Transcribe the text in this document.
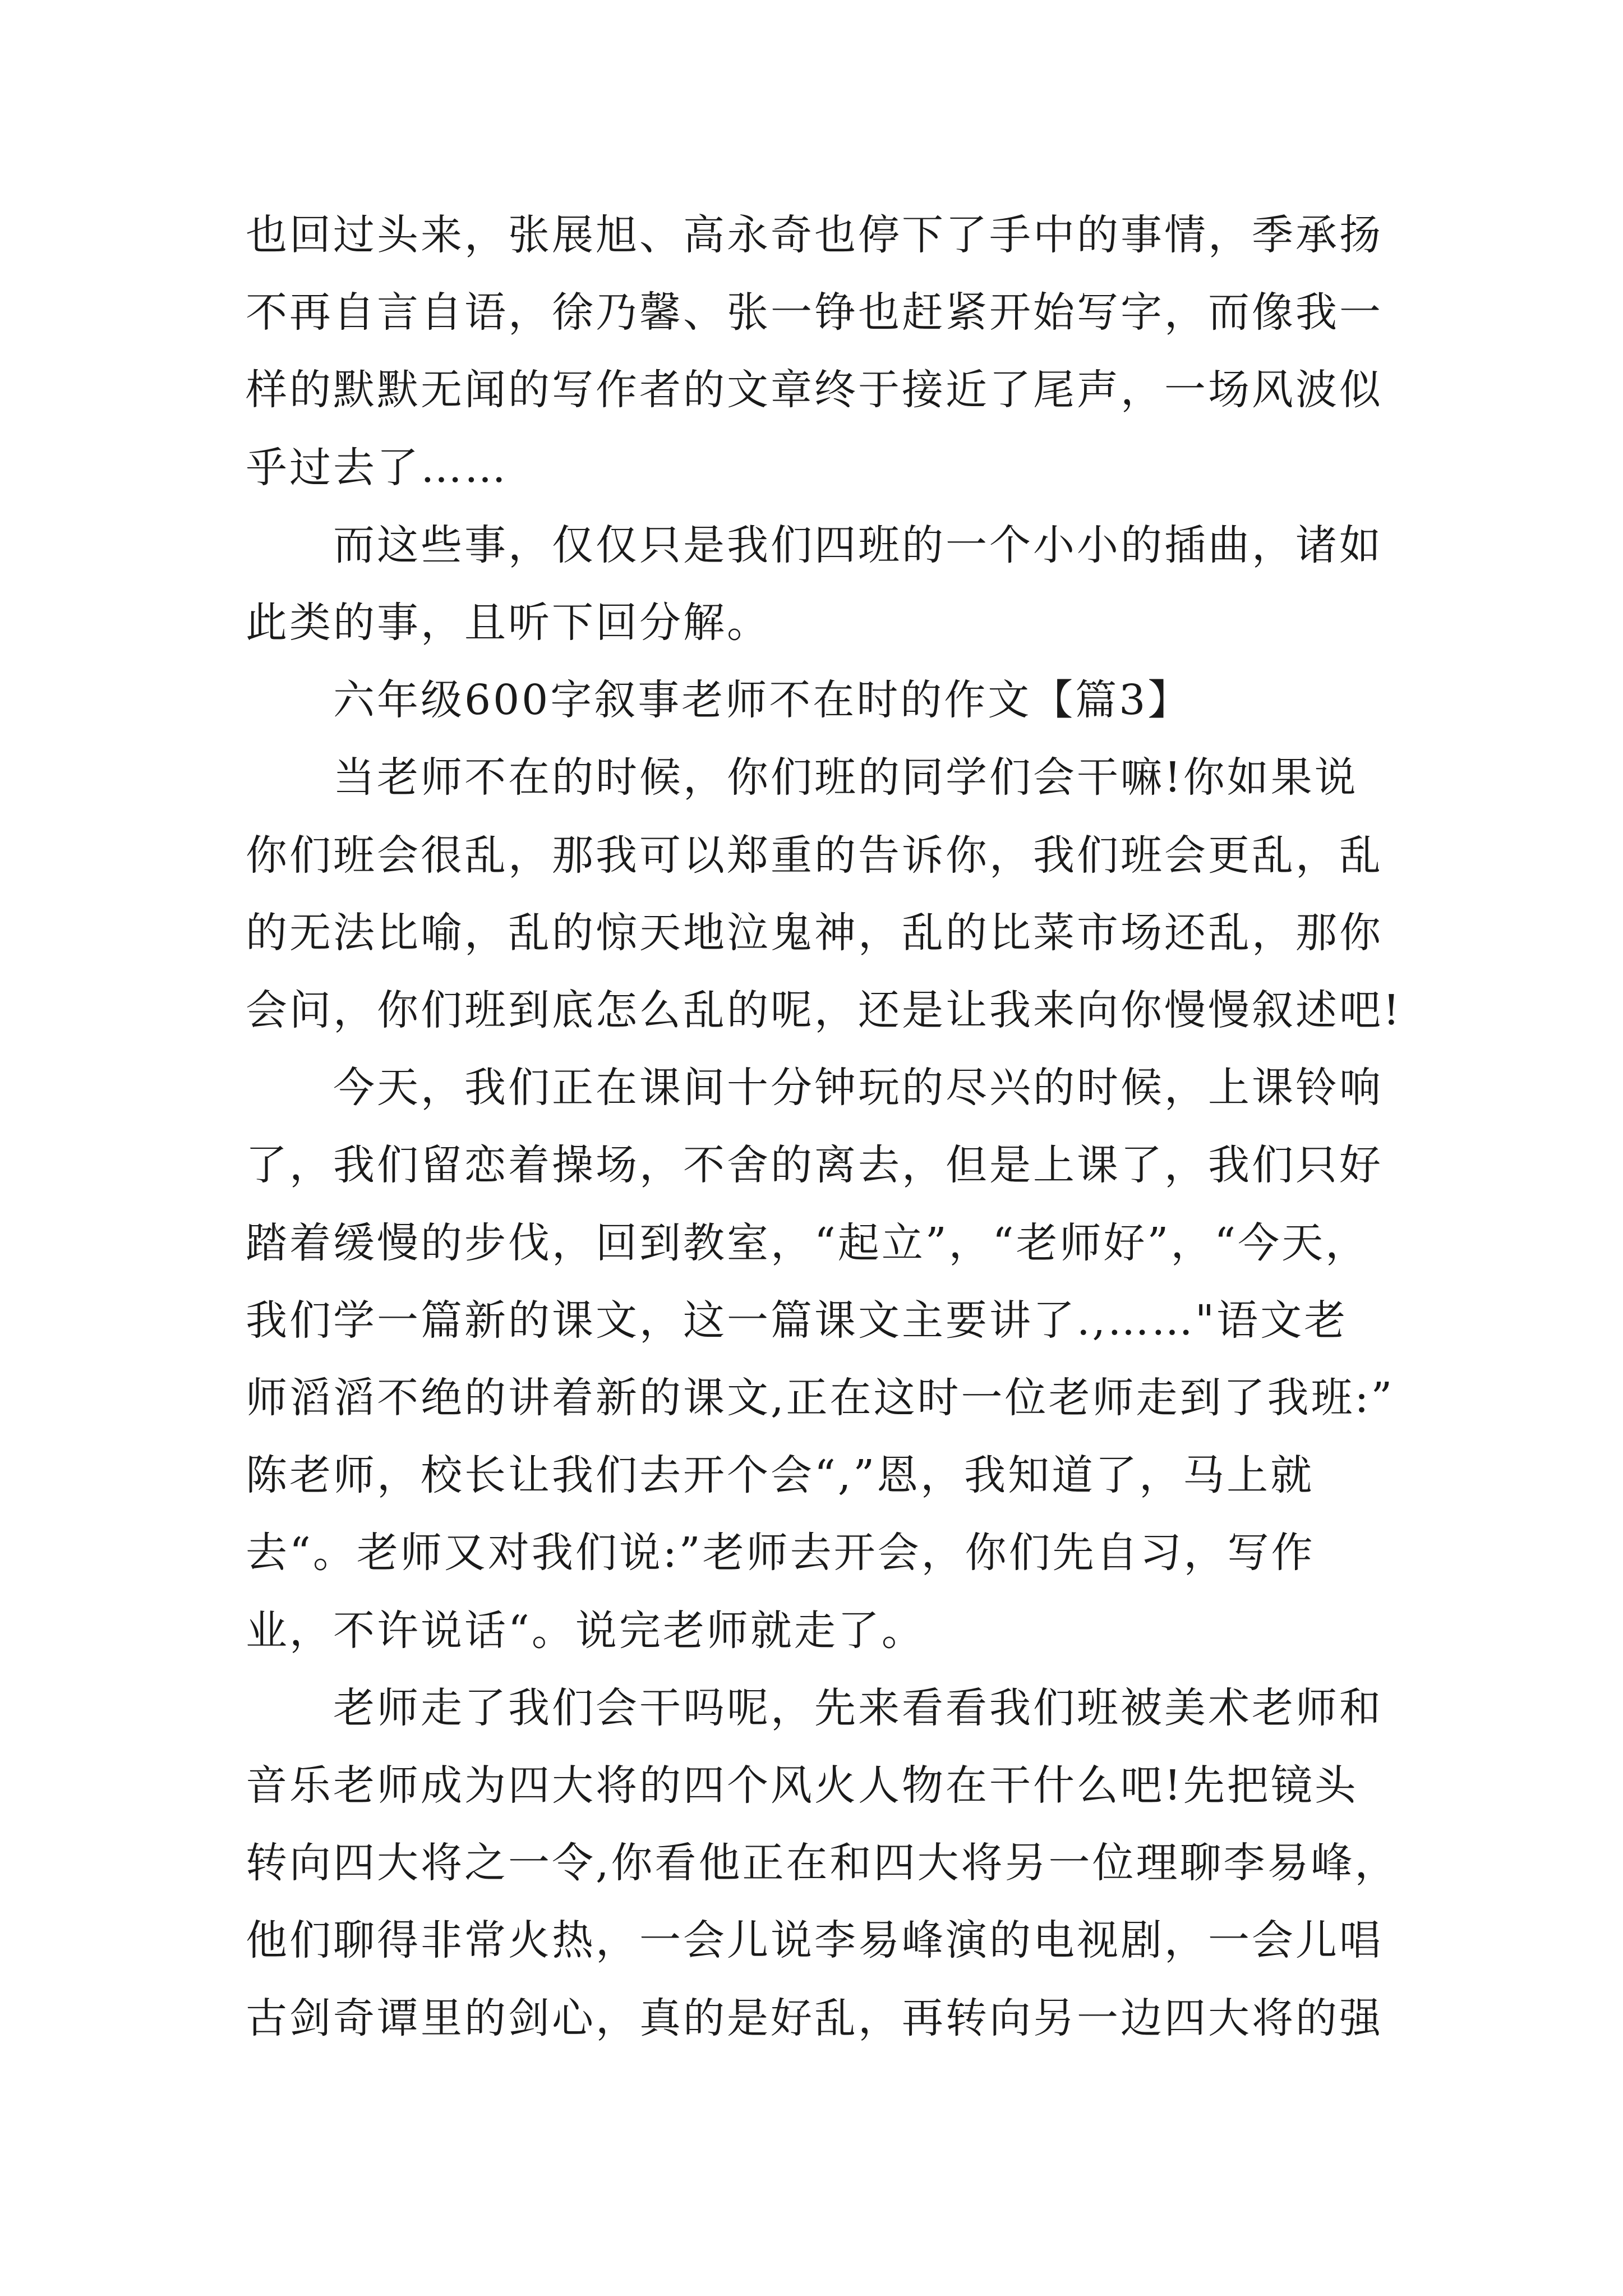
也回过头来，张展旭、高永奇也停下了手中的事情，季承扬
不再自言自语，徐乃馨、张一铮也赶紧开始写字，而像我一
样的默默无闻的写作者的文章终于接近了尾声，一场风波似
乎过去了……

而这些事，仅仅只是我们四班的一个小小的插曲，诸如
此类的事，且听下回分解。

六年级600字叙事老师不在时的作文【篇3】

当老师不在的时候，你们班的同学们会干嘛!你如果说
你们班会很乱，那我可以郑重的告诉你，我们班会更乱，乱
的无法比喻，乱的惊天地泣鬼神，乱的比菜市场还乱，那你
会问，你们班到底怎么乱的呢，还是让我来向你慢慢叙述吧!

今天，我们正在课间十分钟玩的尽兴的时候，上课铃响
了，我们留恋着操场，不舍的离去，但是上课了，我们只好
踏着缓慢的步伐，回到教室，“起立”，“老师好”，“今天，
我们学一篇新的课文，这一篇课文主要讲了.,……"语文老
师滔滔不绝的讲着新的课文,正在这时一位老师走到了我班:”
陈老师，校长让我们去开个会“,”恩，我知道了，马上就
去“。老师又对我们说:”老师去开会，你们先自习，写作
业，不许说话“。说完老师就走了。

老师走了我们会干吗呢，先来看看我们班被美术老师和
音乐老师成为四大将的四个风火人物在干什么吧!先把镜头
转向四大将之一令,你看他正在和四大将另一位理聊李易峰，
他们聊得非常火热，一会儿说李易峰演的电视剧，一会儿唱
古剑奇谭里的剑心，真的是好乱，再转向另一边四大将的强
